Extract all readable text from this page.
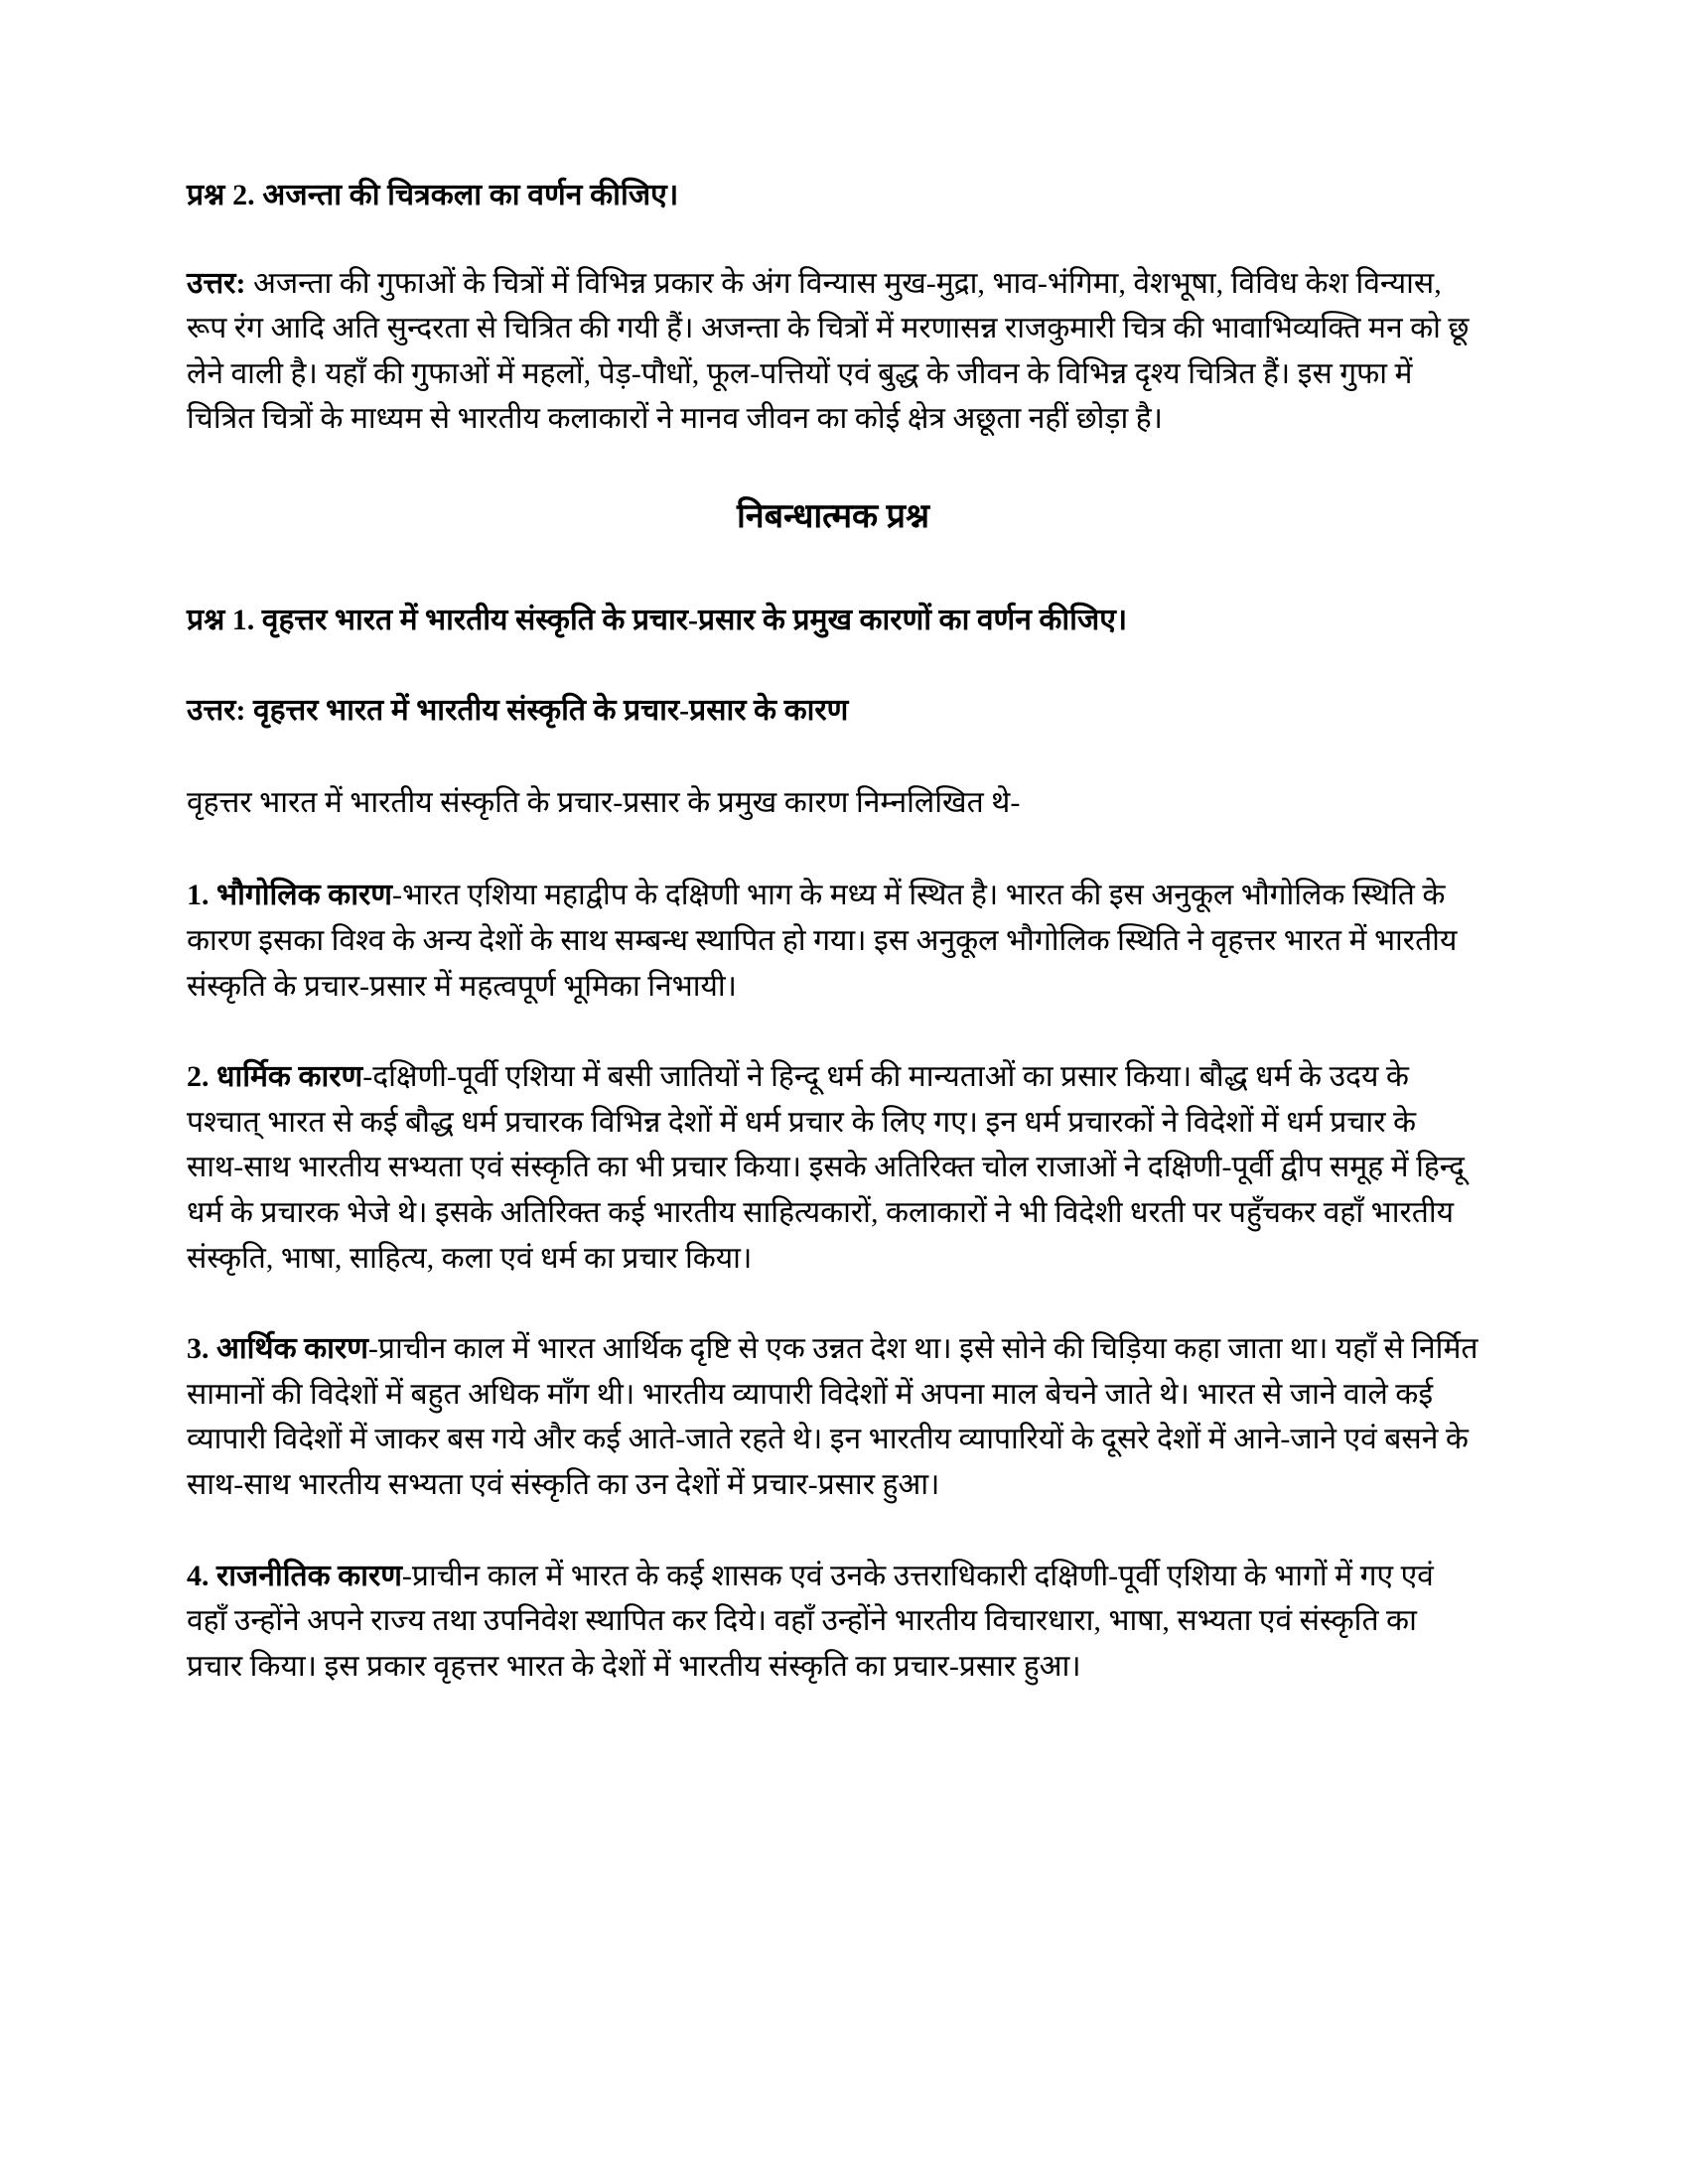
प्रश्न 2. अजन्ता की चित्रकला का वर्णन कीजिए।

उत्तर: अजन्ता की गुफाओं के चित्रों में विभिन्न प्रकार के अंग विन्यास मुख-मुद्रा, भाव-भंगिमा, वेशभूषा, विविध केश विन्यास, रूप रंग आदि अति सुन्दरता से चित्रित की गयी हैं। अजन्ता के चित्रों में मरणासन्न राजकुमारी चित्र की भावाभिव्यक्ति मन को छू लेने वाली है। यहाँ की गुफाओं में महलों, पेड़-पौधों, फूल-पत्तियों एवं बुद्ध के जीवन के विभिन्न दृश्य चित्रित हैं। इस गुफा में चित्रित चित्रों के माध्यम से भारतीय कलाकारों ने मानव जीवन का कोई क्षेत्र अछूता नहीं छोड़ा है।

निबन्धात्मक प्रश्न

प्रश्न 1. वृहत्तर भारत में भारतीय संस्कृति के प्रचार-प्रसार के प्रमुख कारणों का वर्णन कीजिए।

उत्तर: वृहत्तर भारत में भारतीय संस्कृति के प्रचार-प्रसार के कारण

वृहत्तर भारत में भारतीय संस्कृति के प्रचार-प्रसार के प्रमुख कारण निम्नलिखित थे-

1. भौगोलिक कारण-भारत एशिया महाद्वीप के दक्षिणी भाग के मध्य में स्थित है। भारत की इस अनुकूल भौगोलिक स्थिति के कारण इसका विश्व के अन्य देशों के साथ सम्बन्ध स्थापित हो गया। इस अनुकूल भौगोलिक स्थिति ने वृहत्तर भारत में भारतीय संस्कृति के प्रचार-प्रसार में महत्वपूर्ण भूमिका निभायी।

2. धार्मिक कारण-दक्षिणी-पूर्वी एशिया में बसी जातियों ने हिन्दू धर्म की मान्यताओं का प्रसार किया। बौद्ध धर्म के उदय के पश्चात् भारत से कई बौद्ध धर्म प्रचारक विभिन्न देशों में धर्म प्रचार के लिए गए। इन धर्म प्रचारकों ने विदेशों में धर्म प्रचार के साथ-साथ भारतीय सभ्यता एवं संस्कृति का भी प्रचार किया। इसके अतिरिक्त चोल राजाओं ने दक्षिणी-पूर्वी द्वीप समूह में हिन्दू धर्म के प्रचारक भेजे थे। इसके अतिरिक्त कई भारतीय साहित्यकारों, कलाकारों ने भी विदेशी धरती पर पहुँचकर वहाँ भारतीय संस्कृति, भाषा, साहित्य, कला एवं धर्म का प्रचार किया।

3. आर्थिक कारण-प्राचीन काल में भारत आर्थिक दृष्टि से एक उन्नत देश था। इसे सोने की चिड़िया कहा जाता था। यहाँ से निर्मित सामानों की विदेशों में बहुत अधिक माँग थी। भारतीय व्यापारी विदेशों में अपना माल बेचने जाते थे। भारत से जाने वाले कई व्यापारी विदेशों में जाकर बस गये और कई आते-जाते रहते थे। इन भारतीय व्यापारियों के दूसरे देशों में आने-जाने एवं बसने के साथ-साथ भारतीय सभ्यता एवं संस्कृति का उन देशों में प्रचार-प्रसार हुआ।

4. राजनीतिक कारण-प्राचीन काल में भारत के कई शासक एवं उनके उत्तराधिकारी दक्षिणी-पूर्वी एशिया के भागों में गए एवं वहाँ उन्होंने अपने राज्य तथा उपनिवेश स्थापित कर दिये। वहाँ उन्होंने भारतीय विचारधारा, भाषा, सभ्यता एवं संस्कृति का प्रचार किया। इस प्रकार वृहत्तर भारत के देशों में भारतीय संस्कृति का प्रचार-प्रसार हुआ।
